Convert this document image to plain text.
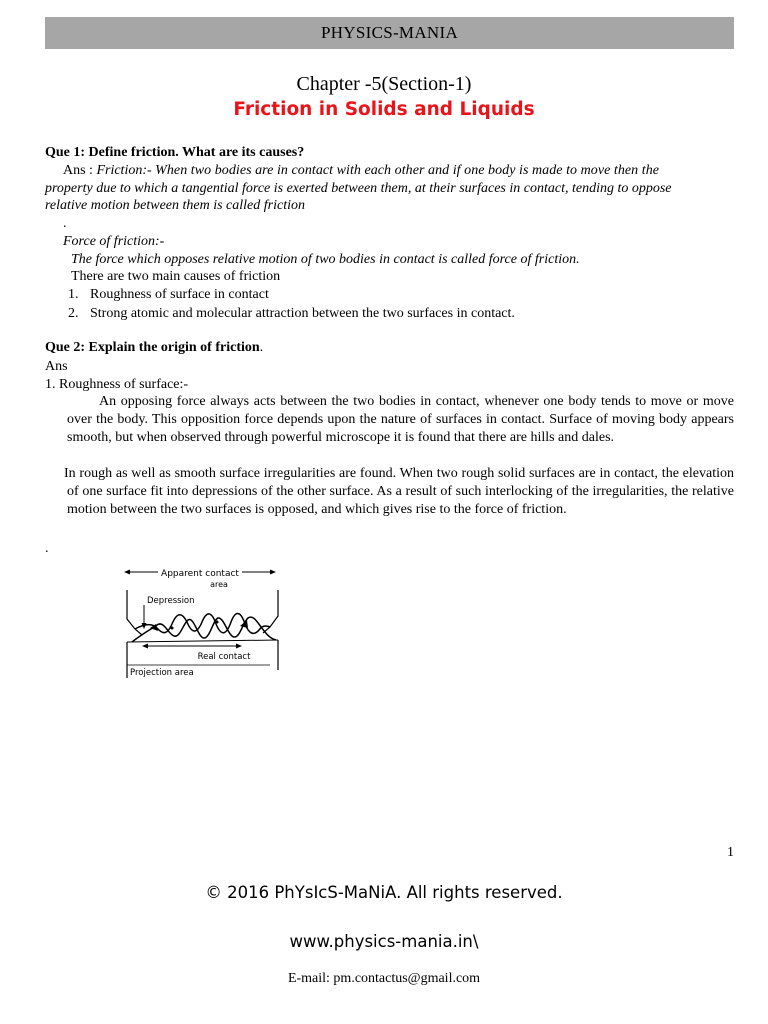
PHYSICS-MANIA
Chapter -5(Section-1)
Friction in Solids and Liquids
Que 1: Define friction. What are its causes?
Ans : Friction:- When two bodies are in contact with each other and if one body is made to move then the
property due to which a tangential force is exerted between them, at their surfaces in contact, tending to oppose
relative motion between them is called friction
.
Force of friction:-
The force which opposes relative motion of two bodies in contact is called force of friction.
There are two main causes of friction
1. Roughness of surface in contact
2. Strong atomic and molecular attraction between the two surfaces in contact.
Que 2: Explain the origin of friction.
Ans
1. Roughness of surface:-
An opposing force always acts between the two bodies in contact, whenever one body tends to move or move over the body. This opposition force depends upon the nature of surfaces in contact. Surface of moving body appears smooth, but when observed through powerful microscope it is found that there are hills and dales.
In rough as well as smooth surface irregularities are found. When two rough solid surfaces are in contact, the elevation of one surface fit into depressions of the other surface. As a result of such interlocking of the irregularities, the relative motion between the two surfaces is opposed, and which gives rise to the force of friction.
.
Apparent contact
area
Depression
Real contact
Projection area
1
© 2016 PhYsIcS-MaNiA. All rights reserved.
www.physics-mania.in\
E-mail: pm.contactus@gmail.com
